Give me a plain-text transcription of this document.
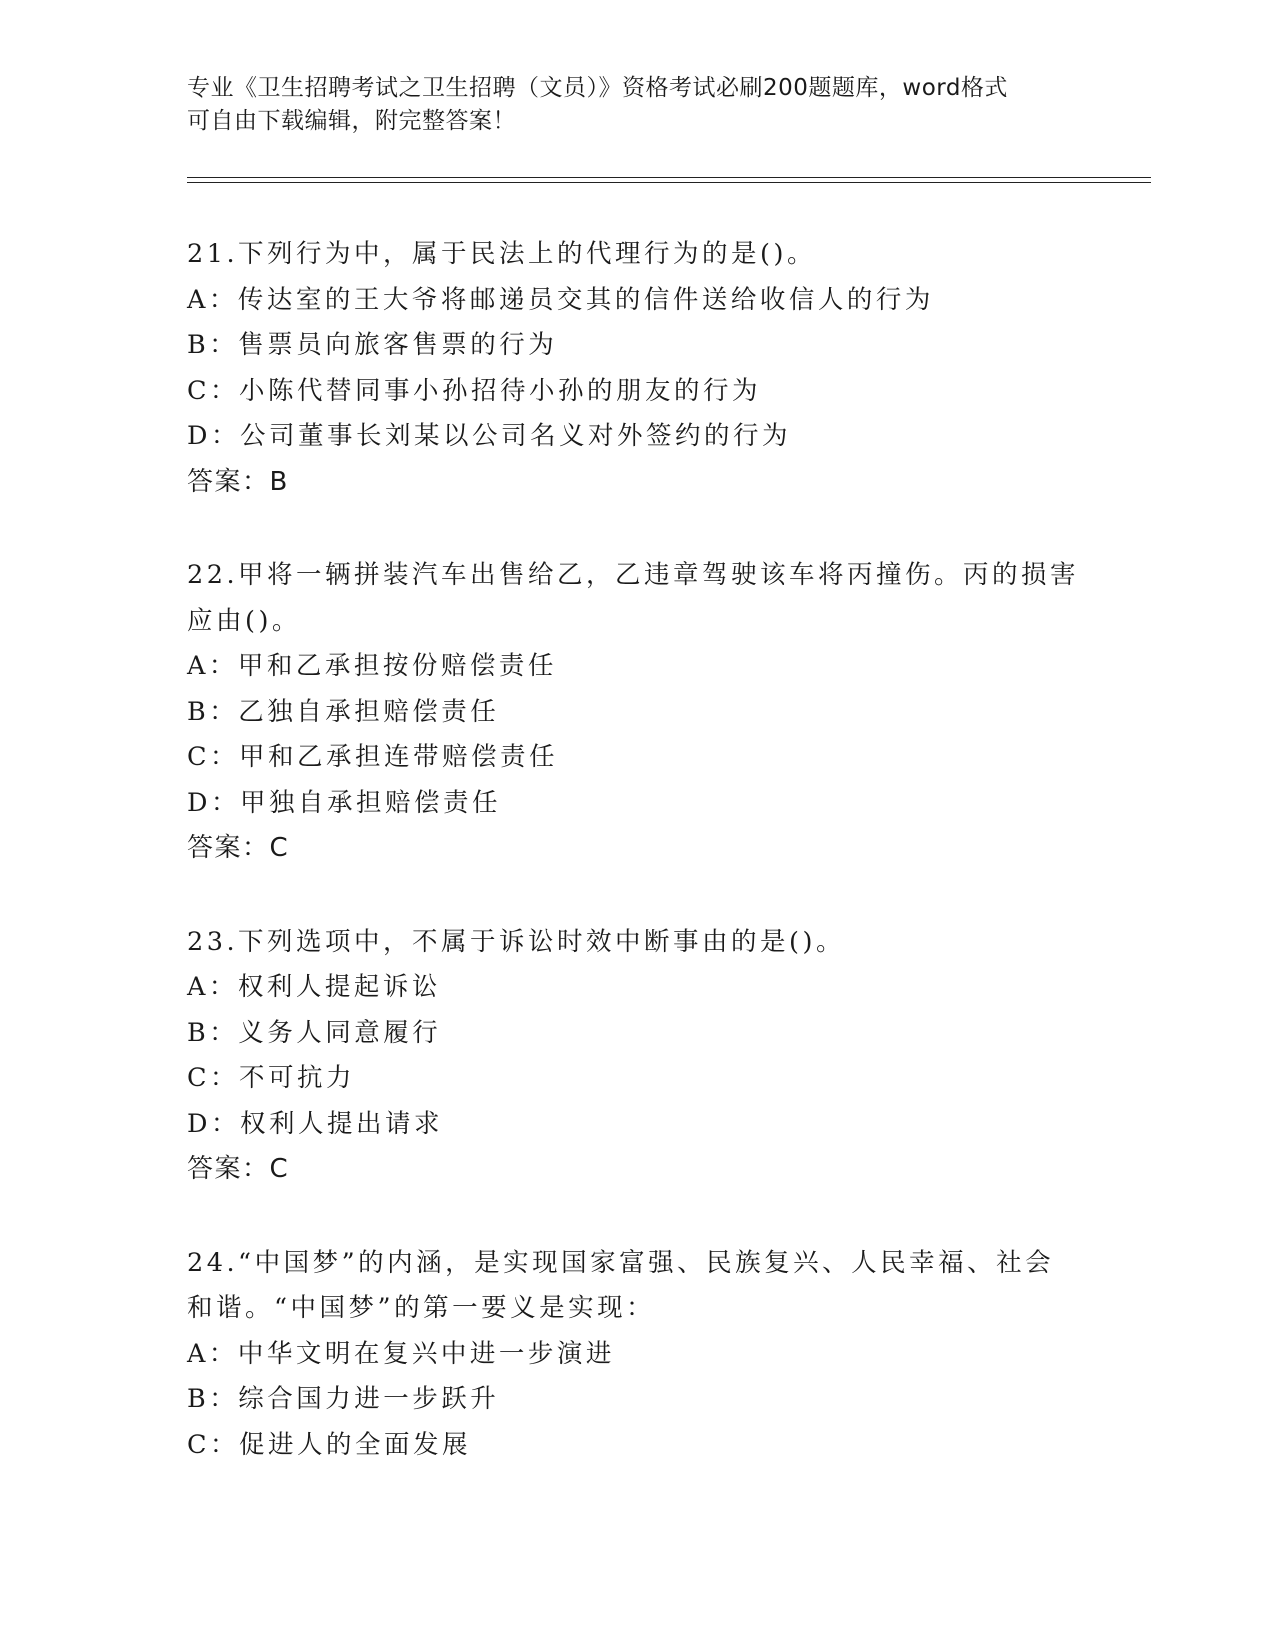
专业《卫生招聘考试之卫生招聘（文员）》资格考试必刷200题题库，word格式
可自由下载编辑，附完整答案！
21.下列行为中，属于民法上的代理行为的是()。
A：传达室的王大爷将邮递员交其的信件送给收信人的行为
B：售票员向旅客售票的行为
C：小陈代替同事小孙招待小孙的朋友的行为
D：公司董事长刘某以公司名义对外签约的行为
答案：B
22.甲将一辆拼装汽车出售给乙，乙违章驾驶该车将丙撞伤。丙的损害
应由()。
A：甲和乙承担按份赔偿责任
B：乙独自承担赔偿责任
C：甲和乙承担连带赔偿责任
D：甲独自承担赔偿责任
答案：C
23.下列选项中，不属于诉讼时效中断事由的是()。
A：权利人提起诉讼
B：义务人同意履行
C：不可抗力
D：权利人提出请求
答案：C
24.“中国梦”的内涵，是实现国家富强、民族复兴、人民幸福、社会
和谐。“中国梦”的第一要义是实现：
A：中华文明在复兴中进一步演进
B：综合国力进一步跃升
C：促进人的全面发展
